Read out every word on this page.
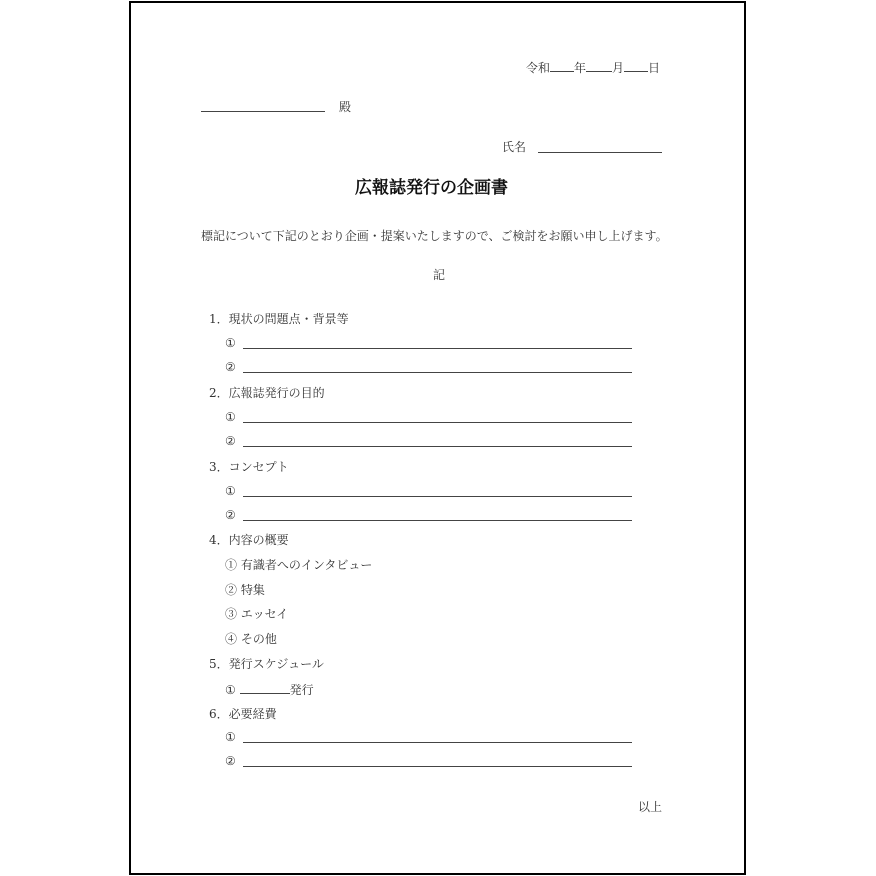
令和 年 月 日
殿
氏名
広報誌発行の企画書
標記について下記のとおり企画・提案いたしますので、ご検討をお願い申し上げます。
記
1．現状の問題点・背景等
①
②
2．広報誌発行の目的
①
②
3．コンセプト
①
②
4．内容の概要
① 有識者へのインタビュー
② 特集
③ エッセイ
④ その他
5．発行スケジュール
①	発行
6．必要経費
①
②
以上
